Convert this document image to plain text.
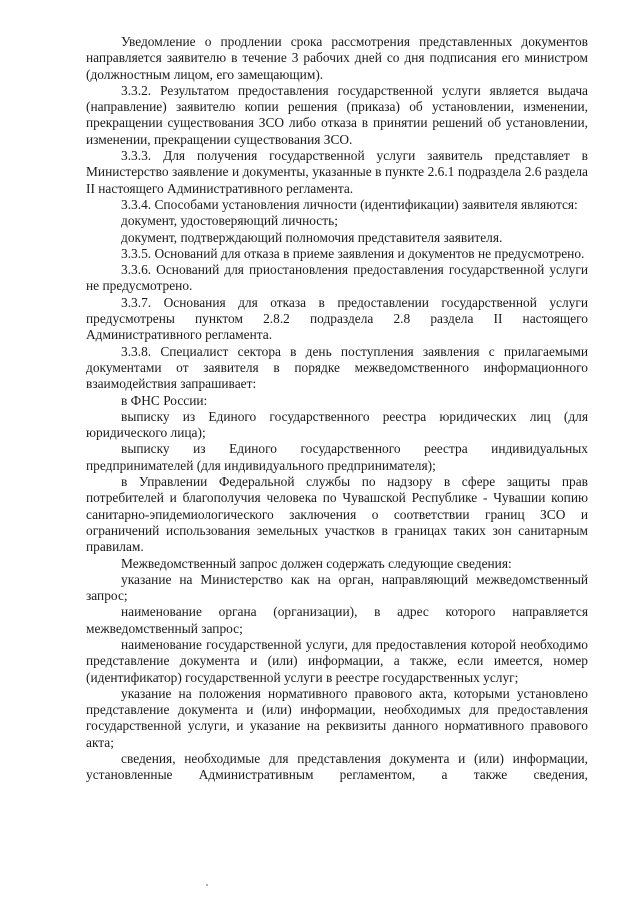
Уведомление о продлении срока рассмотрения представленных документов направляется заявителю в течение 3 рабочих дней со дня подписания его министром (должностным лицом, его замещающим).

3.3.2. Результатом предоставления государственной услуги является выдача (направление) заявителю копии решения (приказа) об установлении, изменении, прекращении существования ЗСО либо отказа в принятии решений об установлении, изменении, прекращении существования ЗСО.

3.3.3. Для получения государственной услуги заявитель представляет в Министерство заявление и документы, указанные в пункте 2.6.1 подраздела 2.6 раздела II настоящего Административного регламента.

3.3.4. Способами установления личности (идентификации) заявителя являются:

документ, удостоверяющий личность;

документ, подтверждающий полномочия представителя заявителя.

3.3.5. Оснований для отказа в приеме заявления и документов не предусмотрено.

3.3.6. Оснований для приостановления предоставления государственной услуги не предусмотрено.

3.3.7. Основания для отказа в предоставлении государственной услуги предусмотрены пунктом 2.8.2 подраздела 2.8 раздела II настоящего Административного регламента.

3.3.8. Специалист сектора в день поступления заявления с прилагаемыми документами от заявителя в порядке межведомственного информационного взаимодействия запрашивает:

в ФНС России:

выписку из Единого государственного реестра юридических лиц (для юридического лица);

выписку из Единого государственного реестра индивидуальных предпринимателей (для индивидуального предпринимателя);

в Управлении Федеральной службы по надзору в сфере защиты прав потребителей и благополучия человека по Чувашской Республике - Чувашии копию санитарно-эпидемиологического заключения о соответствии границ ЗСО и ограничений использования земельных участков в границах таких зон санитарным правилам.

Межведомственный запрос должен содержать следующие сведения:

указание на Министерство как на орган, направляющий межведомственный запрос;

наименование органа (организации), в адрес которого направляется межведомственный запрос;

наименование государственной услуги, для предоставления которой необходимо представление документа и (или) информации, а также, если имеется, номер (идентификатор) государственной услуги в реестре государственных услуг;

указание на положения нормативного правового акта, которыми установлено представление документа и (или) информации, необходимых для предоставления государственной услуги, и указание на реквизиты данного нормативного правового акта;

сведения, необходимые для представления документа и (или) информации, установленные Административным регламентом, а также сведения,
